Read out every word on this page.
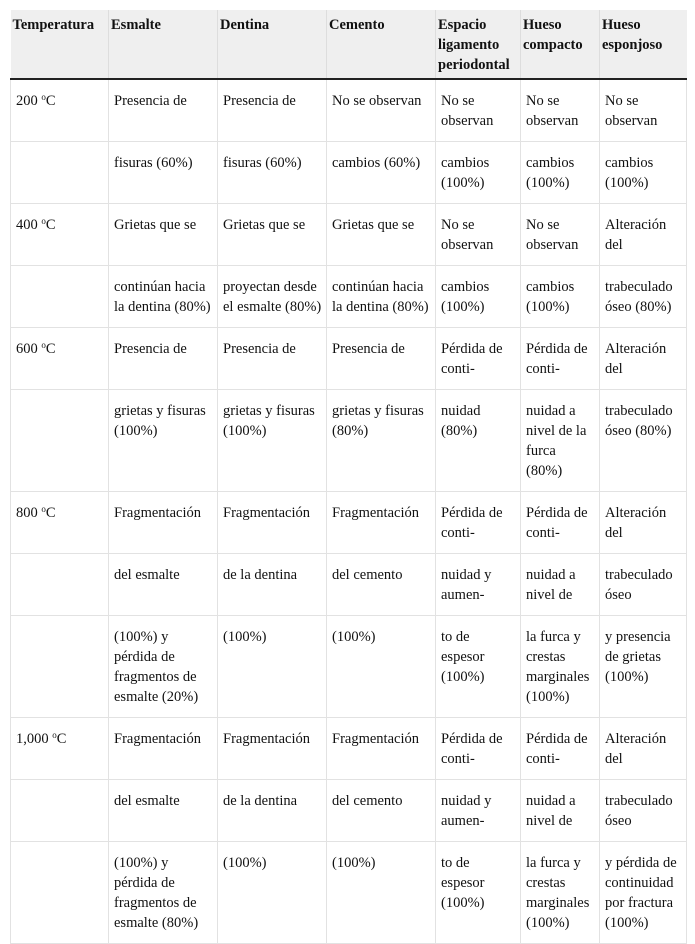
Temperatura	Esmalte	Dentina	Cemento	Espacio ligamento periodontal	Hueso compacto	Hueso esponjoso
200 $^o$C	Presencia de	Presencia de	No se observan	No se observan	No se observan	No se observan
	fisuras (60%)	fisuras (60%)	cambios (60%)	cambios (100%)	cambios (100%)	cambios (100%)
400 $^o$C	Grietas que se	Grietas que se	Grietas que se	No se observan	No se observan	Alteración del
	continúan hacia la dentina (80%)	proyectan desde el esmalte (80%)	continúan hacia la dentina (80%)	cambios (100%)	cambios (100%)	trabeculado óseo (80%)
600 $^o$C	Presencia de	Presencia de	Presencia de	Pérdida de conti-	Pérdida de conti-	Alteración del
	grietas y fisuras (100%)	grietas y fisuras (100%)	grietas y fisuras (80%)	nuidad (80%)	nuidad a nivel de la furca (80%)	trabeculado óseo (80%)
800 $^o$C	Fragmentación	Fragmentación	Fragmentación	Pérdida de conti-	Pérdida de conti-	Alteración del
	del esmalte	de la dentina	del cemento	nuidad y aumen-	nuidad a nivel de	trabeculado óseo
	(100%) y pérdida de fragmentos de esmalte (20%)	(100%)	(100%)	to de espesor (100%)	la furca y crestas marginales (100%)	y presencia de grietas (100%)
1,000 $^o$C	Fragmentación	Fragmentación	Fragmentación	Pérdida de conti-	Pérdida de conti-	Alteración del
	del esmalte	de la dentina	del cemento	nuidad y aumen-	nuidad a nivel de	trabeculado óseo
	(100%) y pérdida de fragmentos de esmalte (80%)	(100%)	(100%)	to de espesor (100%)	la furca y crestas marginales (100%)	y pérdida de continuidad por fractura (100%)
